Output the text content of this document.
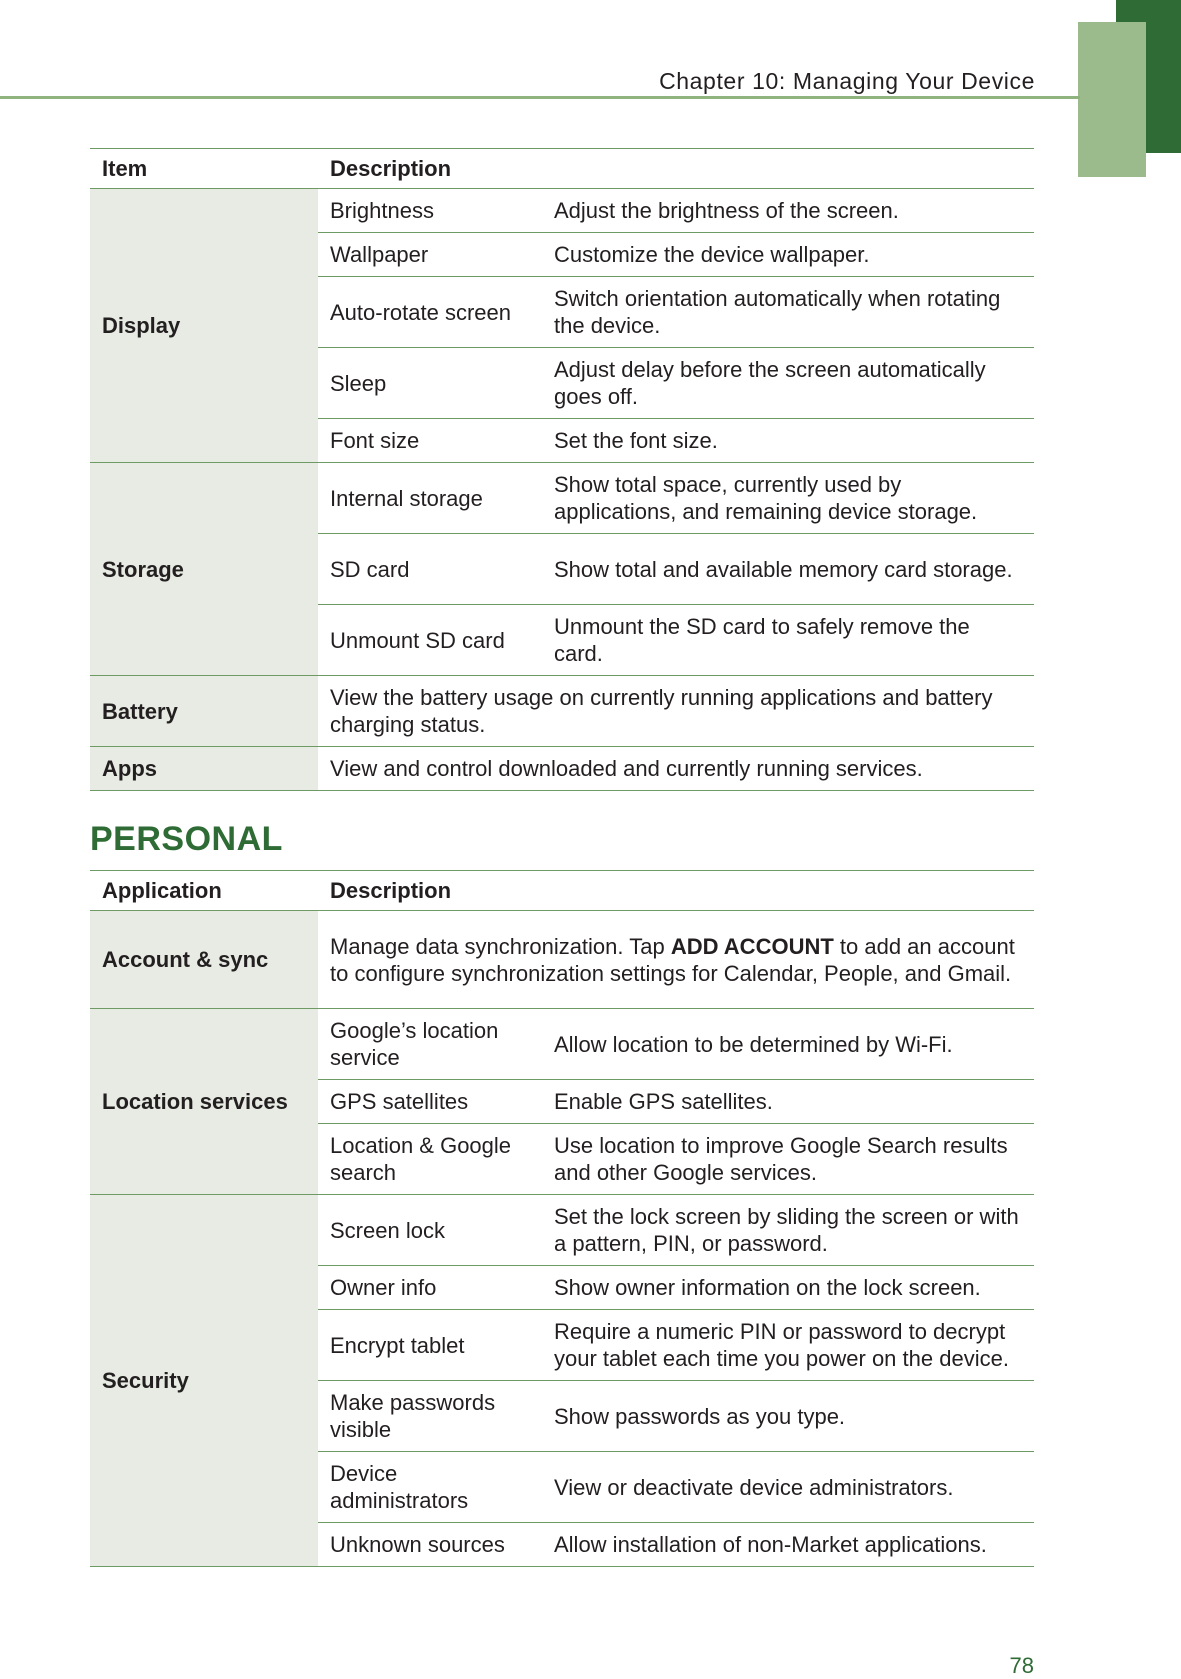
Chapter 10: Managing Your Device
Item	Description	
Display	Brightness	Adjust the brightness of the screen.
	Wallpaper	Customize the device wallpaper.
	Auto-rotate screen	Switch orientation automatically when rotating the device.
	Sleep	Adjust delay before the screen automatically goes off.
	Font size	Set the font size.
Storage	Internal storage	Show total space, currently used by applications, and remaining device storage.
	SD card	Show total and available memory card storage.
	Unmount SD card	Unmount the SD card to safely remove the card.
Battery	View the battery usage on currently running applications and battery charging status.	
Apps	View and control downloaded and currently running services.	
PERSONAL
Application	Description	
Account & sync	Manage data synchronization. Tap ADD ACCOUNT to add an account to configure synchronization settings for Calendar, People, and Gmail.	
Location services	Google’s location service	Allow location to be determined by Wi-Fi.
	GPS satellites	Enable GPS satellites.
	Location & Google search	Use location to improve Google Search results and other Google services.
Security	Screen lock	Set the lock screen by sliding the screen or with a pattern, PIN, or password.
	Owner info	Show owner information on the lock screen.
	Encrypt tablet	Require a numeric PIN or password to decrypt your tablet each time you power on the device.
	Make passwords visible	Show passwords as you type.
	Device administrators	View or deactivate device administrators.
	Unknown sources	Allow installation of non-Market applications.
78
